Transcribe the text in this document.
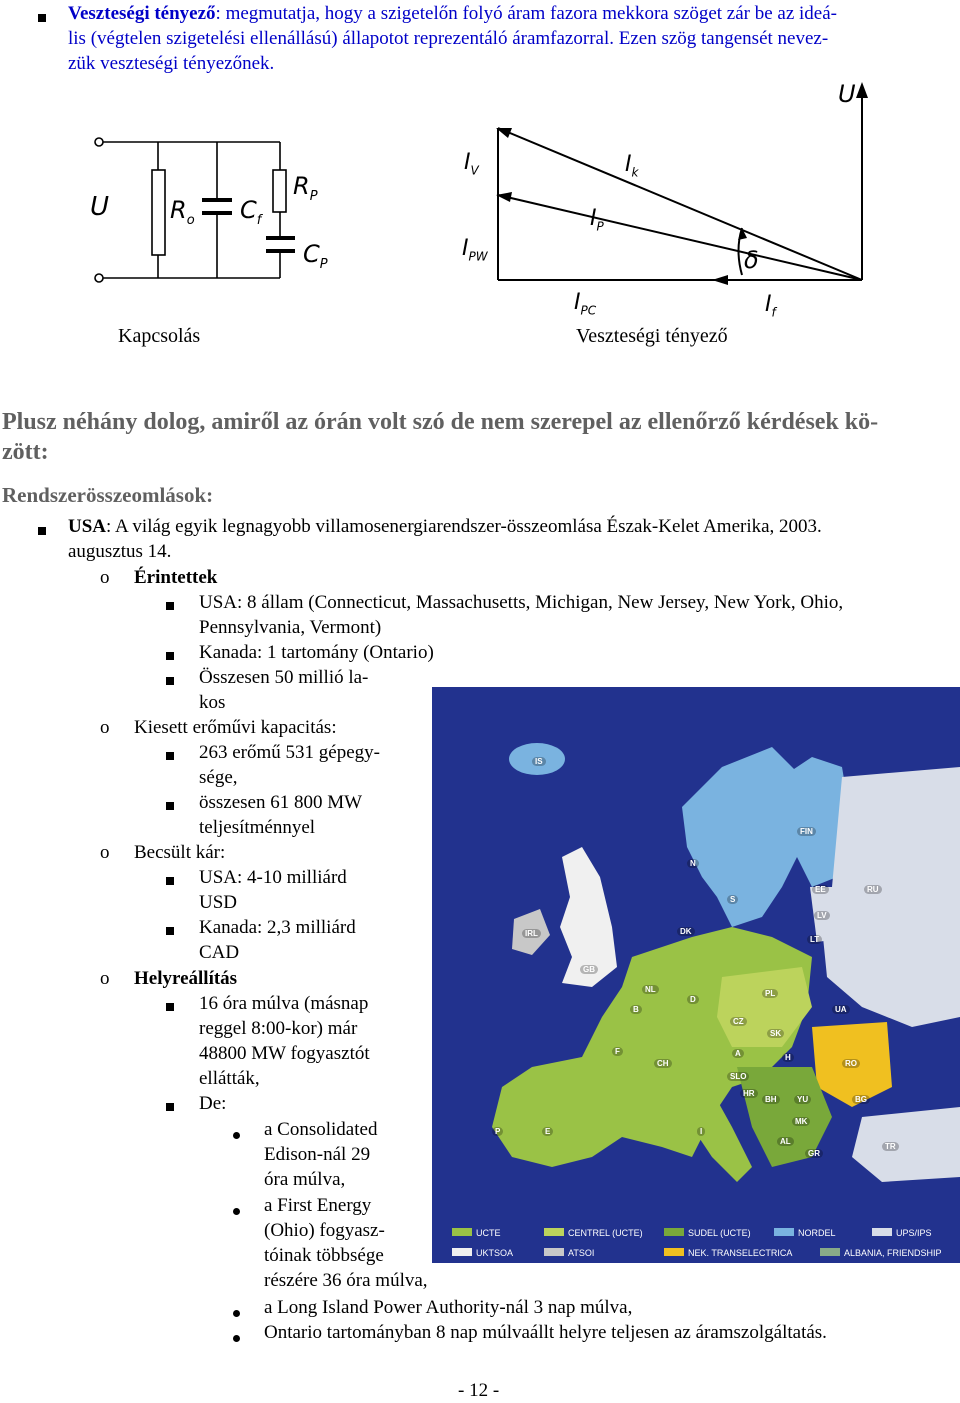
Veszteségi tényező: megmutatja, hogy a szigetelőn folyó áram fazora mekkora szöget zár be az ideá-
lis (végtelen szigetelési ellenállású) állapotot reprezentáló áramfazorral. Ezen szög tangensét nevez-
zük veszteségi tényezőnek.
U	$R_o$ $C_f$
$R_P$
$C_P$
Kapcsolás
U
$I_V$	$I_k$
$I_P$
$I_{PW}$	δ
$I_{PC}$	$I_f$
Veszteségi tényező
Plusz néhány dolog, amiről az órán volt szó de nem szerepel az ellenőrző kérdések kö-
zött:
Rendszerösszeomlások:
USA: A világ egyik legnagyobb villamosenergiarendszer-összeomlása Észak-Kelet Amerika, 2003.
augusztus 14.
o Érintettek
USA: 8 állam (Connecticut, Massachusetts, Michigan, New Jersey, New York, Ohio,
Pennsylvania, Vermont)
Kanada: 1 tartomány (Ontario)
Összesen 50 millió la-
kos
o Kiesett erőművi kapacitás:
263 erőmű 531 gépegy-
sége,
összesen 61 800 MW
teljesítménnyel
o Becsült kár:
USA: 4-10 milliárd
USD
Kanada: 2,3 milliárd
CAD
o Helyreállítás
16 óra múlva (másnap
reggel 8:00-kor) már
48800 MW fogyasztót
ellátták,
De:
a Consolidated
Edison-nál 29
óra múlva,
a First Energy
(Ohio) fogyasz-
tóinak többsége
részére 36 óra múlva,
a Long Island Power Authority-nál 3 nap múlva,
Ontario tartományban 8 nap múlvaállt helyre teljesen az áramszolgáltatás.
UCTE	CENTREL (UCTE)	SUDEL (UCTE)	NORDEL	UPS/IPS
UKTSOA	ATSOI	NEK. TRANSELECTRICA	ALBANIA, FRIENDSHIP CES
IS
FIN
N
S
EE	RU
LV
LT
DK
IRL
GB
NL
B
D
PL
CZ
SK
UA
F
CH
A	H
RO
SLO
HR
BH	YU	BG
MK
AL
GR
P	E	I
TR
- 12 -
